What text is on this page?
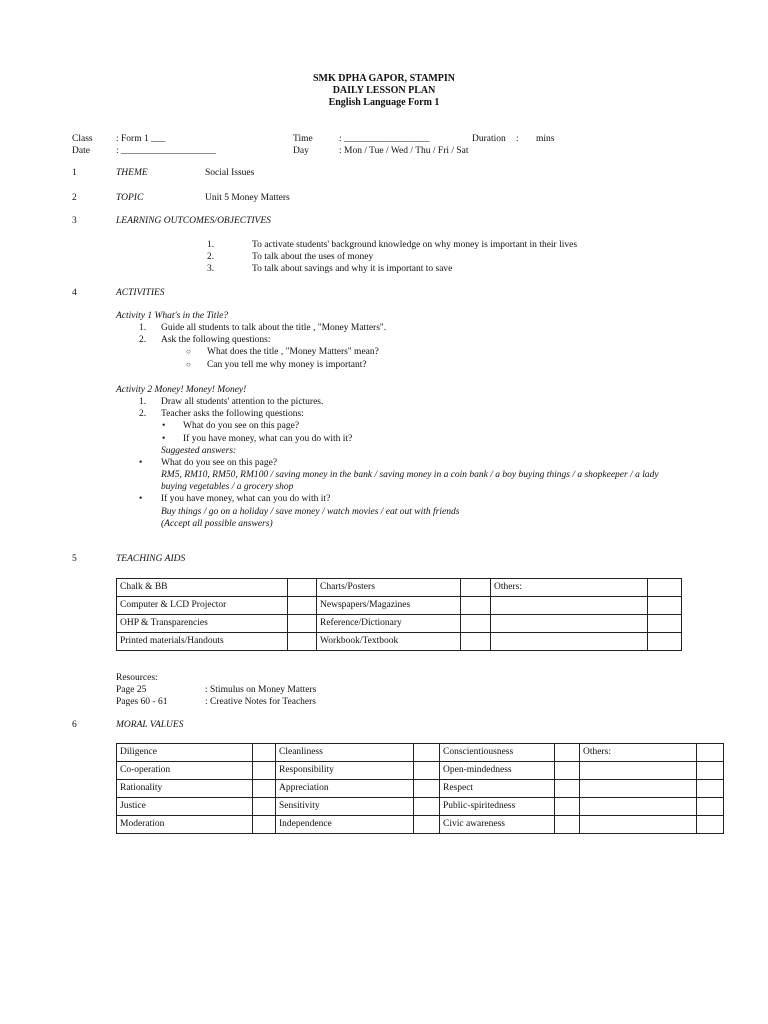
SMK DPHA GAPOR, STAMPIN
DAILY LESSON PLAN
English Language Form 1
Class : Form 1 ___
Date	: ____________________
Time	: __________________
Day	: Mon / Tue / Wed / Thu / Fri / Sat
Duration : mins
1	THEME	Social Issues
2	TOPIC	Unit 5 Money Matters
3	LEARNING OUTCOMES/OBJECTIVES
1.	To activate students' background knowledge on why money is important in their lives
2.	To talk about the uses of money
3.	To talk about savings and why it is important to save
4	ACTIVITIES
Activity 1 What's in the Title?
1. Guide all students to talk about the title , "Money Matters".
2. Ask the following questions:
○ What does the title , "Money Matters" mean?
○ Can you tell me why money is important?
Activity 2 Money! Money! Money!
1. Draw all students' attention to the pictures.
2. Teacher asks the following questions:
• What do you see on this page?
• If you have money, what can you do with it?
Suggested answers:
• What do you see on this page?
RM5, RM10, RM50, RM100 / saving money in the bank / saving money in a coin bank / a boy buying things / a shopkeeper / a lady
buying vegetables / a grocery shop
• If you have money, what can you do with it?
Buy things / go on a holiday / save money / watch movies / eat out with friends
(Accept all possible answers)
5	TEACHING AIDS
Chalk & BB		Charts/Posters		Others:	
Computer & LCD Projector		Newspapers/Magazines			
OHP & Transparencies		Reference/Dictionary			
Printed materials/Handouts		Workbook/Textbook			
Resources:
Page 25	: Stimulus on Money Matters
Pages 60 - 61	: Creative Notes for Teachers
6	MORAL VALUES
Diligence		Cleanliness		Conscientiousness		Others:	
Co-operation		Responsibility		Open-mindedness			
Rationality		Appreciation		Respect			
Justice		Sensitivity		Public-spiritedness			
Moderation		Independence		Civic awareness			
